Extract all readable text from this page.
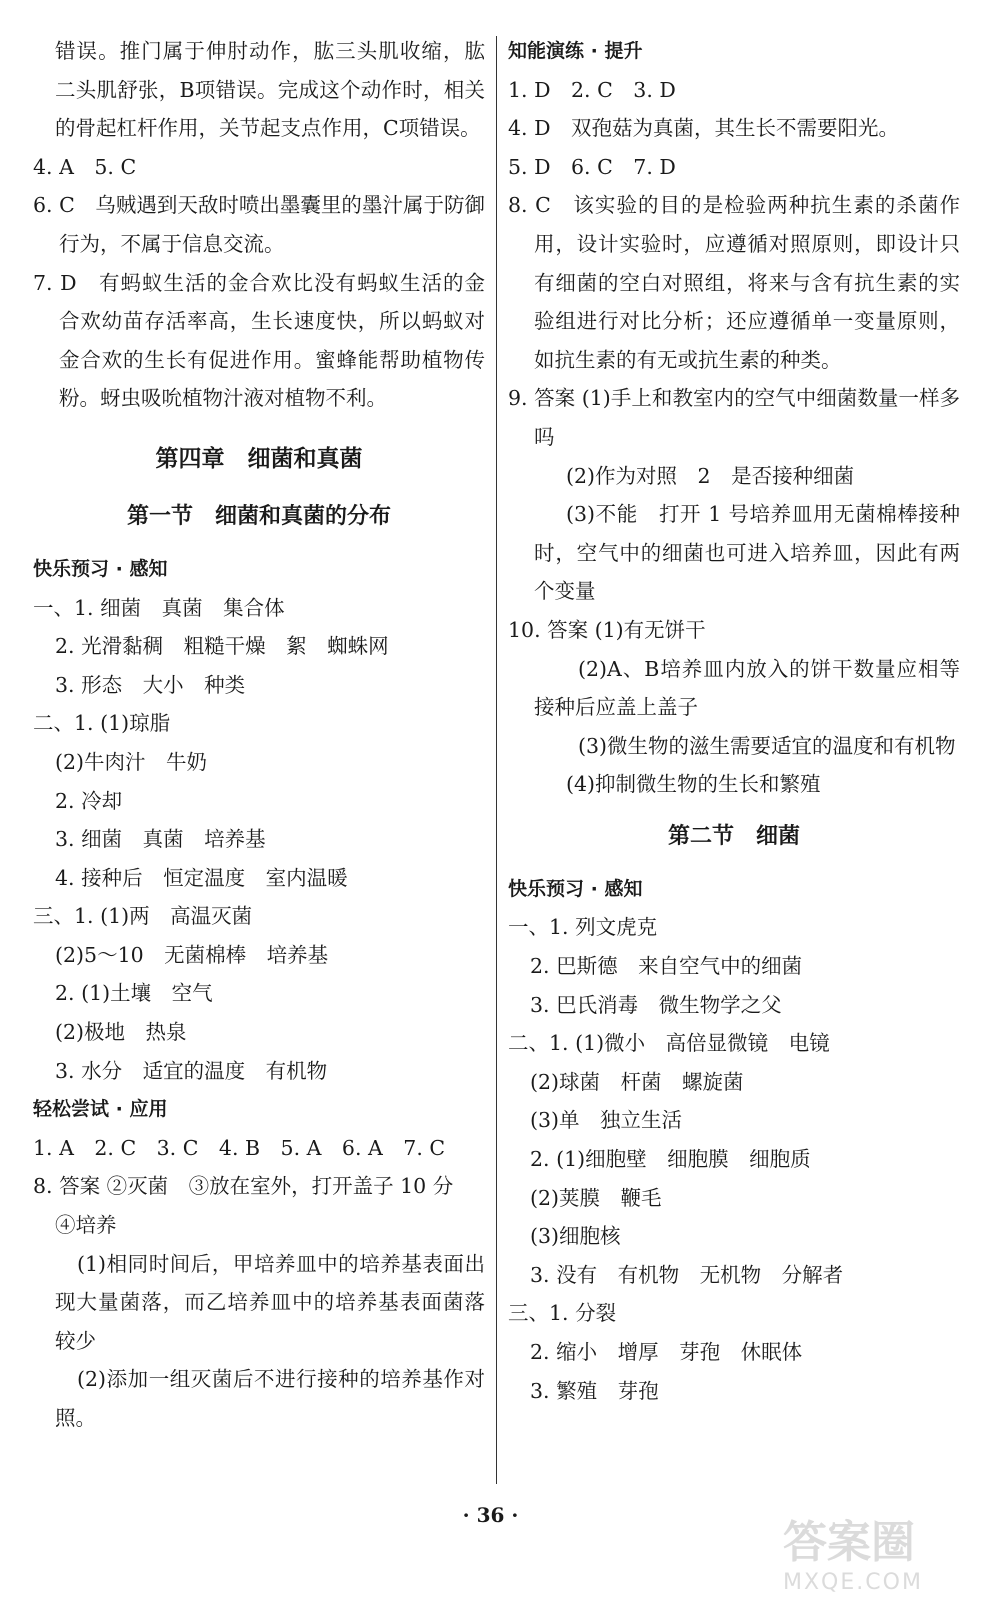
错误。推门属于伸肘动作，肱三头肌收缩，肱二头肌舒张，B项错误。完成这个动作时，相关的骨起杠杆作用，关节起支点作用，C项错误。

4. A　5. C

6. C　乌贼遇到天敌时喷出墨囊里的墨汁属于防御行为，不属于信息交流。

7. D　有蚂蚁生活的金合欢比没有蚂蚁生活的金合欢幼苗存活率高，生长速度快，所以蚂蚁对金合欢的生长有促进作用。蜜蜂能帮助植物传粉。蚜虫吸吮植物汁液对植物不利。

第四章　细菌和真菌
第一节　细菌和真菌的分布

快乐预习 · 感知

一、1. 细菌　真菌　集合体

2. 光滑黏稠　粗糙干燥　絮　蜘蛛网

3. 形态　大小　种类

二、1. (1)琼脂

(2)牛肉汁　牛奶

2. 冷却

3. 细菌　真菌　培养基

4. 接种后　恒定温度　室内温暖

三、1. (1)两　高温灭菌

(2)5～10　无菌棉棒　培养基

2. (1)土壤　空气

(2)极地　热泉

3. 水分　适宜的温度　有机物

轻松尝试 · 应用

1. A　2. C　3. C　4. B　5. A　6. A　7. C

8. 答案 ②灭菌　③放在室外，打开盖子 10 分

④培养

(1)相同时间后，甲培养皿中的培养基表面出现大量菌落，而乙培养皿中的培养基表面菌落较少

(2)添加一组灭菌后不进行接种的培养基作对照。

知能演练 · 提升

1. D　2. C　3. D

4. D　双孢菇为真菌，其生长不需要阳光。

5. D　6. C　7. D

8. C　该实验的目的是检验两种抗生素的杀菌作用，设计实验时，应遵循对照原则，即设计只有细菌的空白对照组，将来与含有抗生素的实验组进行对比分析；还应遵循单一变量原则，如抗生素的有无或抗生素的种类。

9. 答案 (1)手上和教室内的空气中细菌数量一样多吗

(2)作为对照　2　是否接种细菌

(3)不能　打开 1 号培养皿用无菌棉棒接种时，空气中的细菌也可进入培养皿，因此有两个变量

10. 答案 (1)有无饼干

(2)A、B培养皿内放入的饼干数量应相等　接种后应盖上盖子

(3)微生物的滋生需要适宜的温度和有机物

(4)抑制微生物的生长和繁殖

第二节　细菌

快乐预习 · 感知

一、1. 列文虎克

2. 巴斯德　来自空气中的细菌

3. 巴氏消毒　微生物学之父

二、1. (1)微小　高倍显微镜　电镜

(2)球菌　杆菌　螺旋菌

(3)单　独立生活

2. (1)细胞壁　细胞膜　细胞质

(2)荚膜　鞭毛

(3)细胞核

3. 没有　有机物　无机物　分解者

三、1. 分裂

2. 缩小　增厚　芽孢　休眠体

3. 繁殖　芽孢

· 36 ·
答案圈
MXQE.COM
